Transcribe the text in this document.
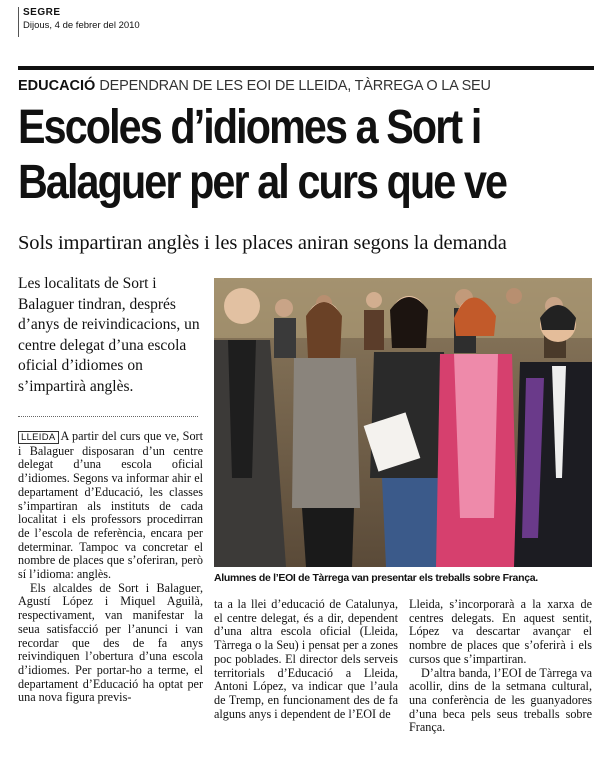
SEGRE
Dijous, 4 de febrer del 2010
EDUCACIÓ DEPENDRAN DE LES EOI DE LLEIDA, TÀRREGA O LA SEU
Escoles d’idiomes a Sort i
Balaguer per al curs que ve
Sols impartiran anglès i les places aniran segons la demanda
Les localitats de Sort i Balaguer tindran, després d’anys de reivindicacions, un centre delegat d’una escola oficial d’idiomes on s’impartirà anglès.

LLEIDA A partir del curs que ve, Sort i Balaguer disposaran d’un centre delegat d’una escola oficial d’idiomes. Segons va informar ahir el departament d’Educació, les classes s’impartiran als instituts de cada localitat i els professors procedirran de l’escola de referència, encara per determinar. Tampoc va concretar el nombre de places que s’oferiran, però sí l’idioma: anglès.

Els alcaldes de Sort i Balaguer, Agustí López i Miquel Aguilà, respectivament, van manifestar la seua satisfacció per l’anunci i van recordar que des de fa anys reivindiquen l’obertura d’una escola d’idiomes. Per portar-ho a terme, el departament d’Educació ha optat per una nova figura previs-

Alumnes de l’EOI de Tàrrega van presentar els treballs sobre França.

ta a la llei d’educació de Catalunya, el centre delegat, és a dir, dependent d’una altra escola oficial (Lleida, Tàrrega o la Seu) i pensat per a zones poc poblades. El director dels serveis territorials d’Educació a Lleida, Antoni López, va indicar que l’aula de Tremp, en funcionament des de fa alguns anys i dependent de l’EOI de

Lleida, s’incorporarà a la xarxa de centres delegats. En aquest sentit, López va descartar avançar el nombre de places que s’oferirà i els cursos que s’impartiran.

D’altra banda, l’EOI de Tàrrega va acollir, dins de la setmana cultural, una conferència de les guanyadores d’una beca pels seus treballs sobre França.
